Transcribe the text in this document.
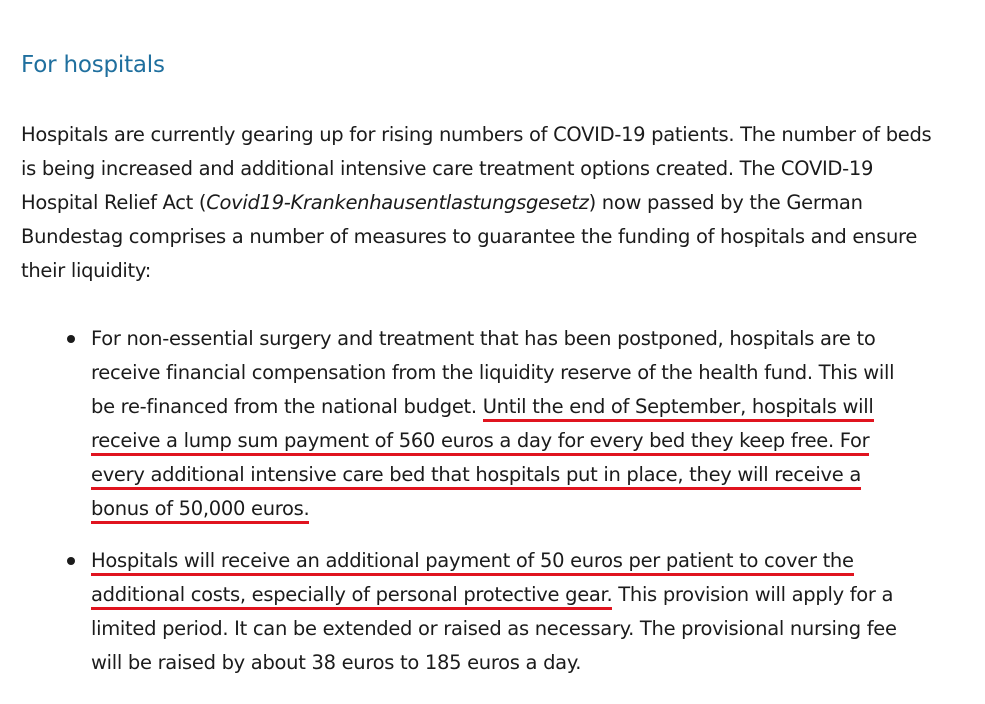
For hospitals

Hospitals are currently gearing up for rising numbers of COVID-19 patients. The number of beds is being increased and additional intensive care treatment options created. The COVID-19 Hospital Relief Act (Covid19-Krankenhausentlastungsgesetz) now passed by the German Bundestag comprises a number of measures to guarantee the funding of hospitals and ensure their liquidity:

For non-essential surgery and treatment that has been postponed, hospitals are to receive financial compensation from the liquidity reserve of the health fund. This will be re-financed from the national budget. Until the end of September, hospitals will receive a lump sum payment of 560 euros a day for every bed they keep free. For every additional intensive care bed that hospitals put in place, they will receive a bonus of 50,000 euros.
Hospitals will receive an additional payment of 50 euros per patient to cover the additional costs, especially of personal protective gear. This provision will apply for a limited period. It can be extended or raised as necessary. The provisional nursing fee will be raised by about 38 euros to 185 euros a day.
